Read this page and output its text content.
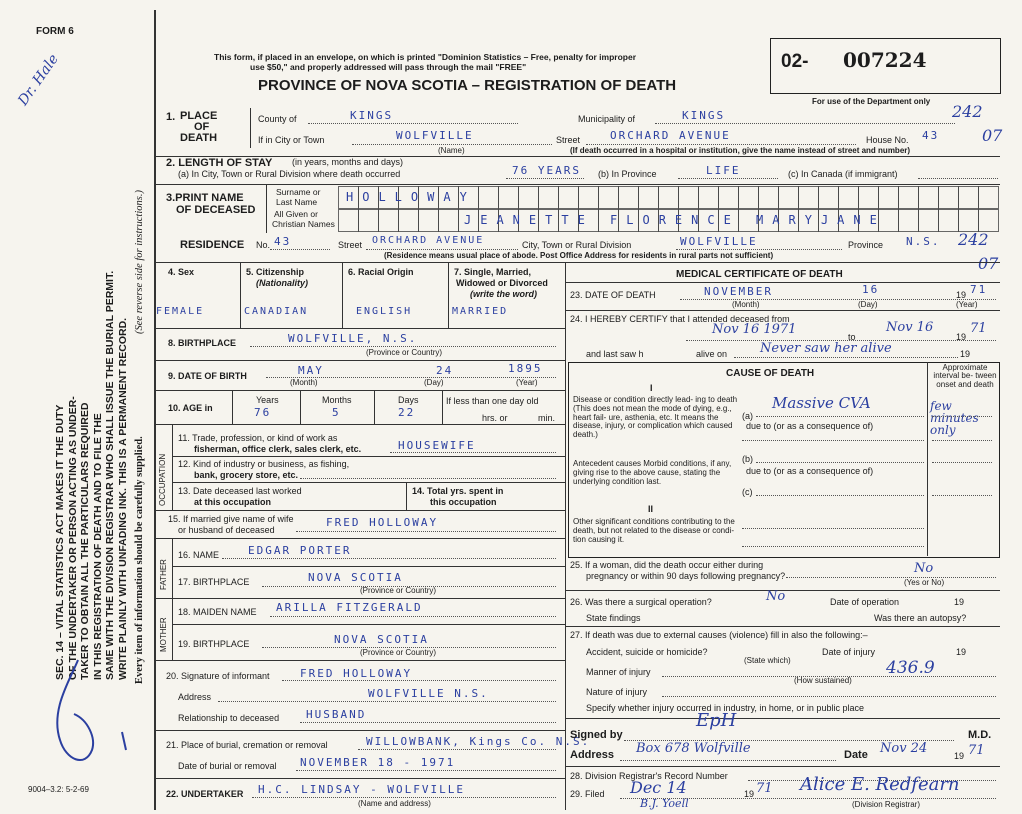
FORM 6
This form, if placed in an envelope, on which is printed "Dominion Statistics – Free, penalty for improper
use $50," and properly addressed will pass through the mail "FREE"
PROVINCE OF NOVA SCOTIA – REGISTRATION OF DEATH
02- 007224
For use of the Department only
242
07
242
07
Dr. Hale
SEC. 14 – VITAL STATISTICS ACT MAKES IT THE DUTY OF THE UNDERTAKER OR PERSON ACTING AS UNDER- TAKER TO OBTAIN ALL THE PARTICULARS REQUIRED IN THIS REGISTRATION OF DEATH AND TO FILE THE SAME WITH THE DIVISION REGISTRAR WHO SHALL ISSUE THE BURIAL PERMIT. WRITE PLAINLY WITH UNFADING INK. THIS IS A PERMANENT RECORD.
(See reverse side for instructions.)
Every item of information should be carefully supplied.
9004–3.2: 5-2-69
1. PLACE
OF
DEATH
County of	KINGS	Municipality of	KINGS
If in City or Town	WOLFVILLE	Street	ORCHARD AVENUE	House No. 43
(Name)	(If death occurred in a hospital or institution, give the name instead of street and number)
2. LENGTH OF STAY (in years, months and days)
(a) In City, Town or Rural Division where death occurred	76 YEARS (b) In Province	LIFE	(c) In Canada (if immigrant)
3.PRINT NAME
OF DECEASED
Surname or
Last Name
All Given or
Christian Names
HOLLOWAY
JEANETTE FLORENCE MARYJANE
RESIDENCE No. 43	Street ORCHARD AVENUE	City, Town or Rural Division	WOLFVILLE	Province N.S.
(Residence means usual place of abode. Post Office Address for residents in rural parts not sufficient)
4. Sex	5. Citizenship
(Nationality)
6. Racial Origin	7. Single, Married,
Widowed or Divorced
(write the word)
FEMALE	CANADIAN	ENGLISH	MARRIED
8. BIRTHPLACE	WOLFVILLE, N.S.
(Province or Country)
9. DATE OF BIRTH	MAY	24	1895
(Month)	(Day)	(Year)
10. AGE in
Years	Months	Days
76	5	22
If less than one day old
hrs. or	min.
OCCUPATION
11. Trade, profession, or kind of work as
fisherman, office clerk, sales clerk, etc.	HOUSEWIFE
12. Kind of industry or business, as fishing,
bank, grocery store, etc.
13. Date deceased last worked
at this occupation
14. Total yrs. spent in
this occupation
15. If married give name of wife
or husband of deceased
FRED HOLLOWAY
FATHER
MOTHER
16. NAME	EDGAR PORTER
17. BIRTHPLACE	NOVA SCOTIA
(Province or Country)
18. MAIDEN NAME ARILLA FITZGERALD
19. BIRTHPLACE	NOVA SCOTIA
(Province or Country)
20. Signature of informant	FRED HOLLOWAY
Address	WOLFVILLE N.S.
Relationship to deceased HUSBAND
21. Place of burial, cremation or removal	WILLOWBANK, Kings Co. N.S.
Date of burial or removal NOVEMBER 18 - 1971
22. UNDERTAKER H.C. LINDSAY - WOLFVILLE
(Name and address)
MEDICAL CERTIFICATE OF DEATH
23. DATE OF DEATH	NOVEMBER	16	19 71
(Month)	(Day)	(Year)
24. I HEREBY CERTIFY that I attended deceased from
Nov 16 1971	to
Nov 16
19
71
and last saw h	alive on	Never saw her alive	19
CAUSE OF DEATH
Approximate interval be- tween onset and death
I
Disease or condition directly lead- ing to death (This does not mean the mode of dying, e.g., heart fail- ure, asthenia, etc. It means the disease, injury, or complication which caused death.)
(a)
Massive CVA
due to (or as a consequence of)
few minutes only
Antecedent causes Morbid conditions, if any, giving rise to the above cause, stating the underlying condition last.
(b)
due to (or as a consequence of)
(c)
II
Other significant conditions contributing to the death, but not related to the disease or condi- tion causing it.
25. If a woman, did the death occur either during
pregnancy or within 90 days following pregnancy?	No
(Yes or No)
26. Was there a surgical operation?	No	Date of operation	19
State findings	Was there an autopsy?
27. If death was due to external causes (violence) fill in also the following:–
Accident, suicide or homicide?	Date of injury	19
(State which)
Manner of injury	436.9
(How sustained)
Nature of injury
Specify whether injury occurred in industry, in home, or in public place
Signed by
EpH
M.D.
Address Box 678 Wolfville	Date Nov 24	19 71
28. Division Registrar's Record Number
29. Filed Dec 14	19 71 Alice E. Redfearn
B.J. Yoell	(Division Registrar)
